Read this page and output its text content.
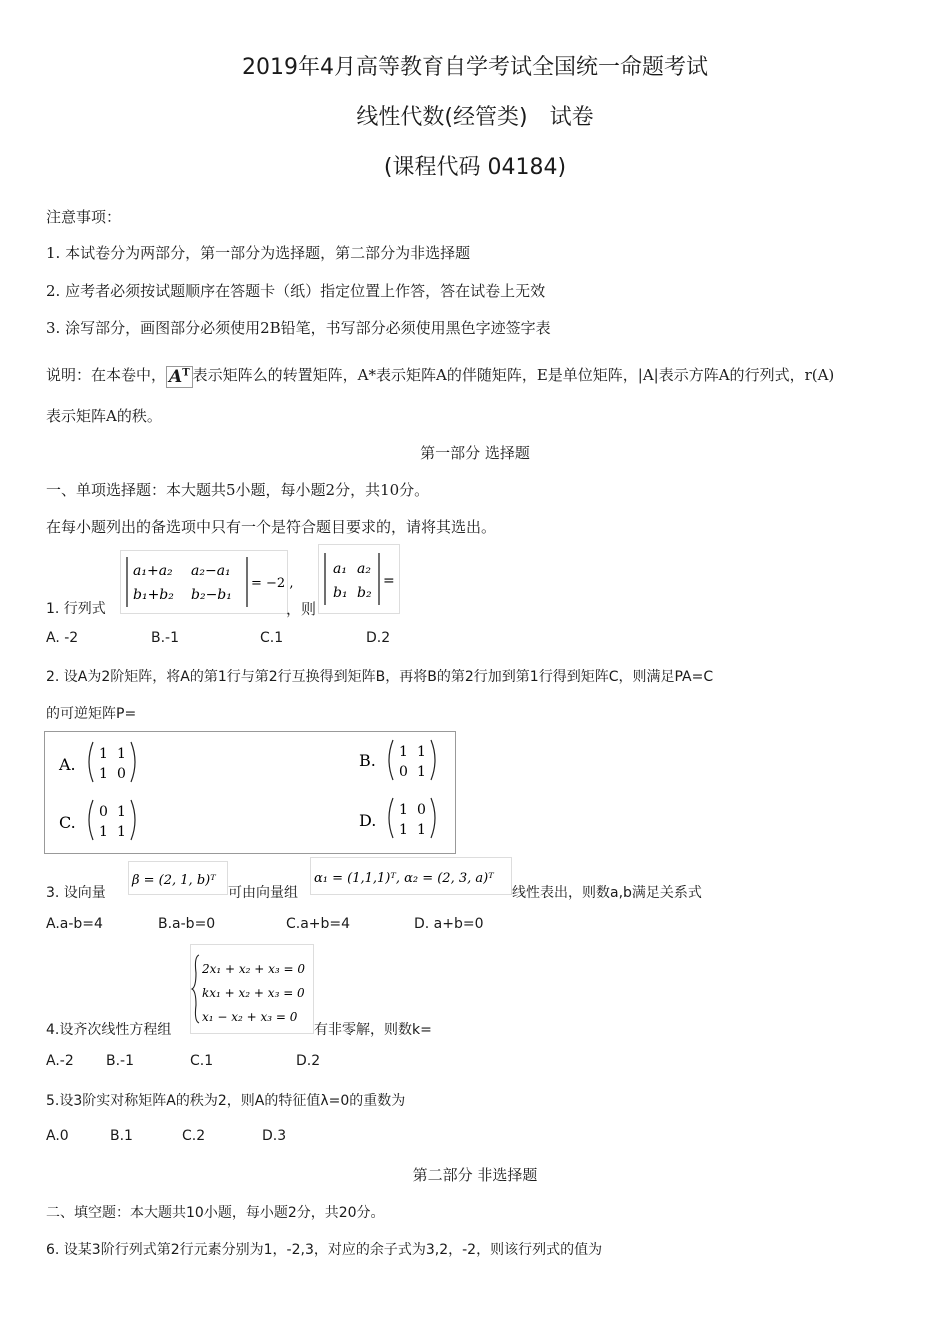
2019年4月高等教育自学考试全国统一命题考试
线性代数(经管类)　试卷
(课程代码 04184)
注意事项：
1. 本试卷分为两部分，第一部分为选择题，第二部分为非选择题
2. 应考者必须按试题顺序在答题卡（纸）指定位置上作答，答在试卷上无效
3. 涂写部分，画图部分必须使用2B铅笔，书写部分必须使用黑色字迹签字表
说明：在本卷中， $A^T$ 表示矩阵么的转置矩阵，A*表示矩阵A的伴随矩阵，E是单位矩阵，|A|表示方阵A的行列式，r(A)
表示矩阵A的秩。
第一部分 选择题
一、单项选择题：本大题共5小题，每小题2分，共10分。
在每小题列出的备选项中只有一个是符合题目要求的，请将其选出。
1. 行列式
a₁+a₂ a₂−a₁
b₁+b₂ b₂−b₁
= −2 ,
，则
a₁ a₂
b₁ b₂
=
A. -2	B.-1	C.1	D.2
2. 设A为2阶矩阵，将A的第1行与第2行互换得到矩阵B，再将B的第2行加到第1行得到矩阵C，则满足PA=C
的可逆矩阵P=
A.
1 1
1 0
B. 1 1
0 1
C.
0 1
1 1
D.
1 0
1 1
3. 设向量
β = (2, 1, b)ᵀ
可由向量组
α₁ = (1,1,1)ᵀ, α₂ = (2, 3, a)ᵀ
线性表出，则数a,b满足关系式
A.a-b=4	B.a-b=0	C.a+b=4	D. a+b=0
4.设齐次线性方程组
2x₁ + x₂ + x₃ = 0
kx₁ + x₂ + x₃ = 0
x₁ − x₂ + x₃ = 0
有非零解，则数k=
A.-2 B.-1	C.1	D.2
5.设3阶实对称矩阵A的秩为2，则A的特征值λ=0的重数为
A.0	B.1	C.2	D.3
第二部分 非选择题
二、填空题：本大题共10小题，每小题2分，共20分。
6. 设某3阶行列式第2行元素分别为1，-2,3，对应的余子式为3,2，-2，则该行列式的值为
